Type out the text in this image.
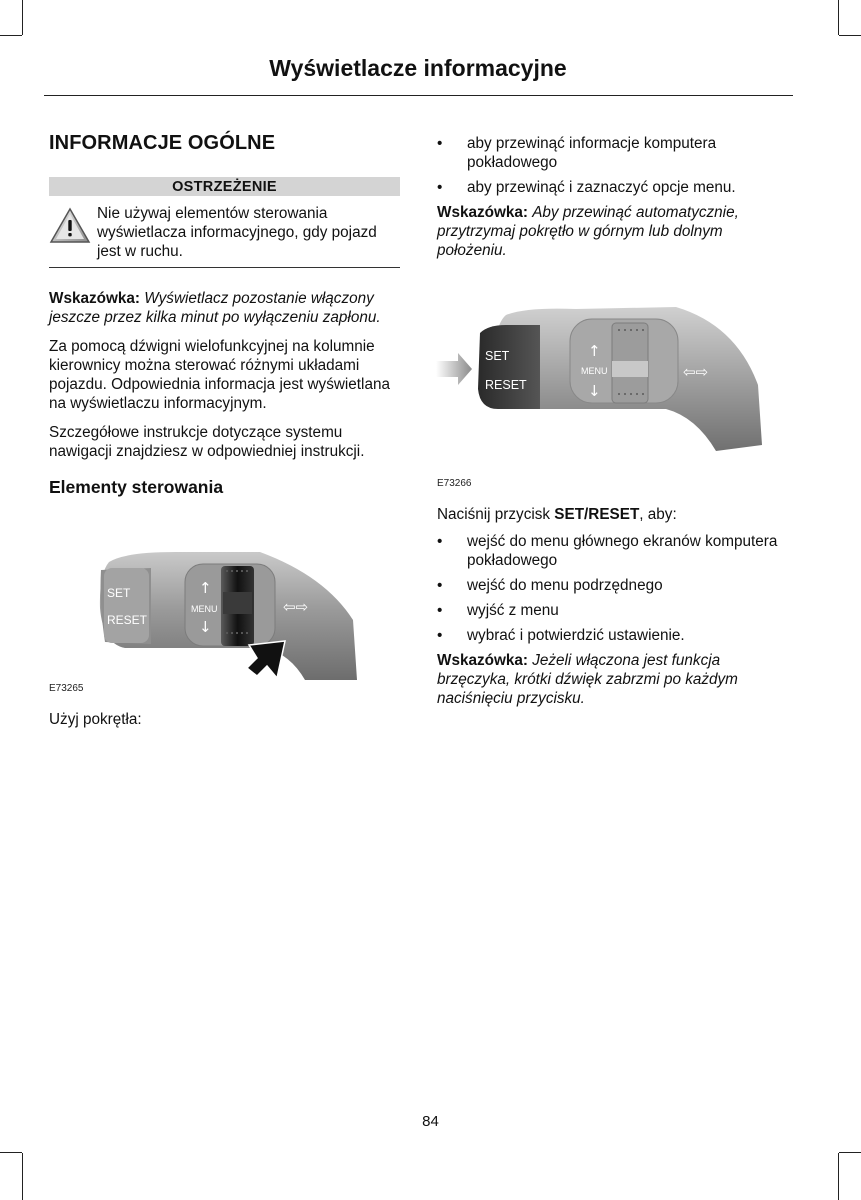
Wyświetlacze informacyjne
INFORMACJE OGÓLNE
OSTRZEŻENIE
Nie używaj elementów sterowania wyświetlacza informacyjnego, gdy pojazd jest w ruchu.

Wskazówka: Wyświetlacz pozostanie włączony jeszcze przez kilka minut po wyłączeniu zapłonu.

Za pomocą dźwigni wielofunkcyjnej na kolumnie kierownicy można sterować różnymi układami pojazdu. Odpowiednia informacja jest wyświetlana na wyświetlaczu informacyjnym.

Szczegółowe instrukcje dotyczące systemu nawigacji znajdziesz w odpowiedniej instrukcji.

Elementy sterowania
SET
RESET
MENU
↑
↓
⇦⇨
E73265

Użyj pokrętła:

• aby przewinąć informacje komputera pokładowego
• aby przewinąć i zaznaczyć opcje menu.

Wskazówka: Aby przewinąć automatycznie, przytrzymaj pokrętło w górnym lub dolnym położeniu.

SET
RESET
MENU
↑
↓
⇦⇨
E73266

Naciśnij przycisk SET/RESET, aby:

• wejść do menu głównego ekranów komputera pokładowego
• wejść do menu podrzędnego
• wyjść z menu
• wybrać i potwierdzić ustawienie.

Wskazówka: Jeżeli włączona jest funkcja brzęczyka, krótki dźwięk zabrzmi po każdym naciśnięciu przycisku.

84
